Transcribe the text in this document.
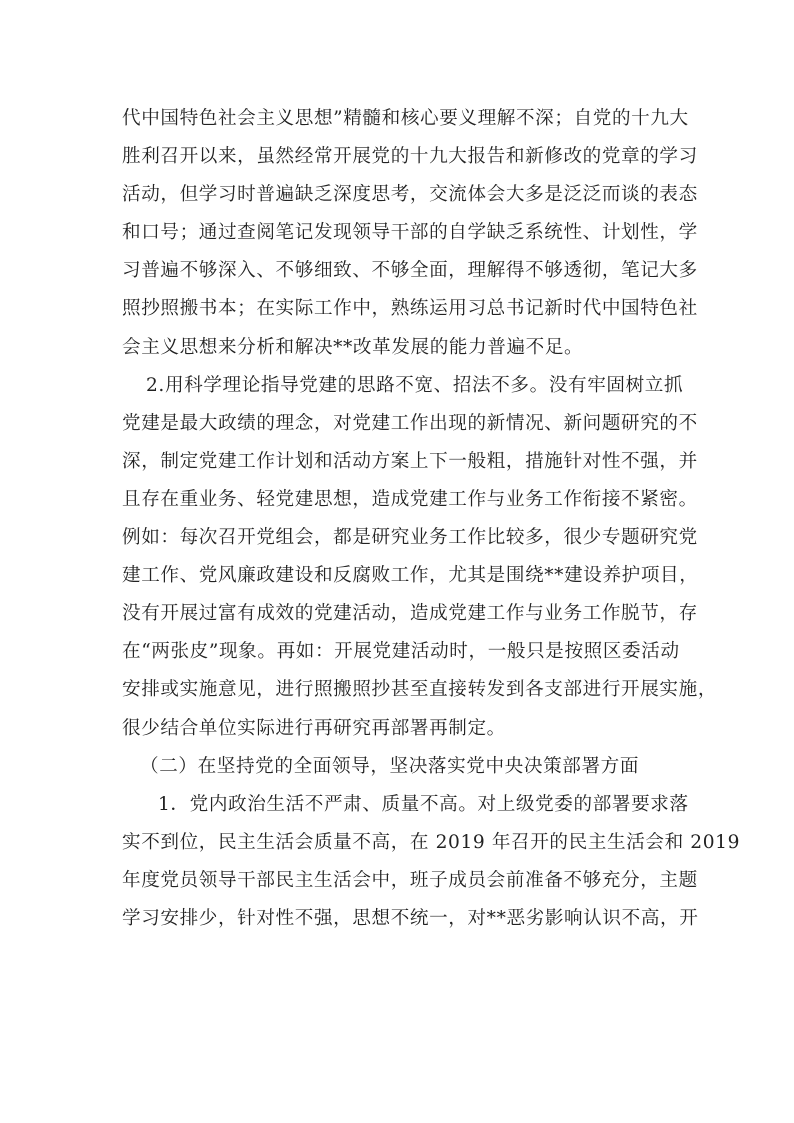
代中国特色社会主义思想”精髓和核心要义理解不深；自党的十九大
胜利召开以来，虽然经常开展党的十九大报告和新修改的党章的学习
活动，但学习时普遍缺乏深度思考，交流体会大多是泛泛而谈的表态
和口号；通过查阅笔记发现领导干部的自学缺乏系统性、计划性，学
习普遍不够深入、不够细致、不够全面，理解得不够透彻，笔记大多
照抄照搬书本；在实际工作中，熟练运用习总书记新时代中国特色社
会主义思想来分析和解决**改革发展的能力普遍不足。
2.用科学理论指导党建的思路不宽、招法不多。没有牢固树立抓
党建是最大政绩的理念，对党建工作出现的新情况、新问题研究的不
深，制定党建工作计划和活动方案上下一般粗，措施针对性不强，并
且存在重业务、轻党建思想，造成党建工作与业务工作衔接不紧密。
例如：每次召开党组会，都是研究业务工作比较多，很少专题研究党
建工作、党风廉政建设和反腐败工作，尤其是围绕**建设养护项目，
没有开展过富有成效的党建活动，造成党建工作与业务工作脱节，存
在“两张皮”现象。再如：开展党建活动时，一般只是按照区委活动
安排或实施意见，进行照搬照抄甚至直接转发到各支部进行开展实施，
很少结合单位实际进行再研究再部署再制定。
（二）在坚持党的全面领导，坚决落实党中央决策部署方面
1．党内政治生活不严肃、质量不高。对上级党委的部署要求落
实不到位，民主生活会质量不高，在 2019 年召开的民主生活会和 2019
年度党员领导干部民主生活会中，班子成员会前准备不够充分，主题
学习安排少，针对性不强，思想不统一，对**恶劣影响认识不高，开
